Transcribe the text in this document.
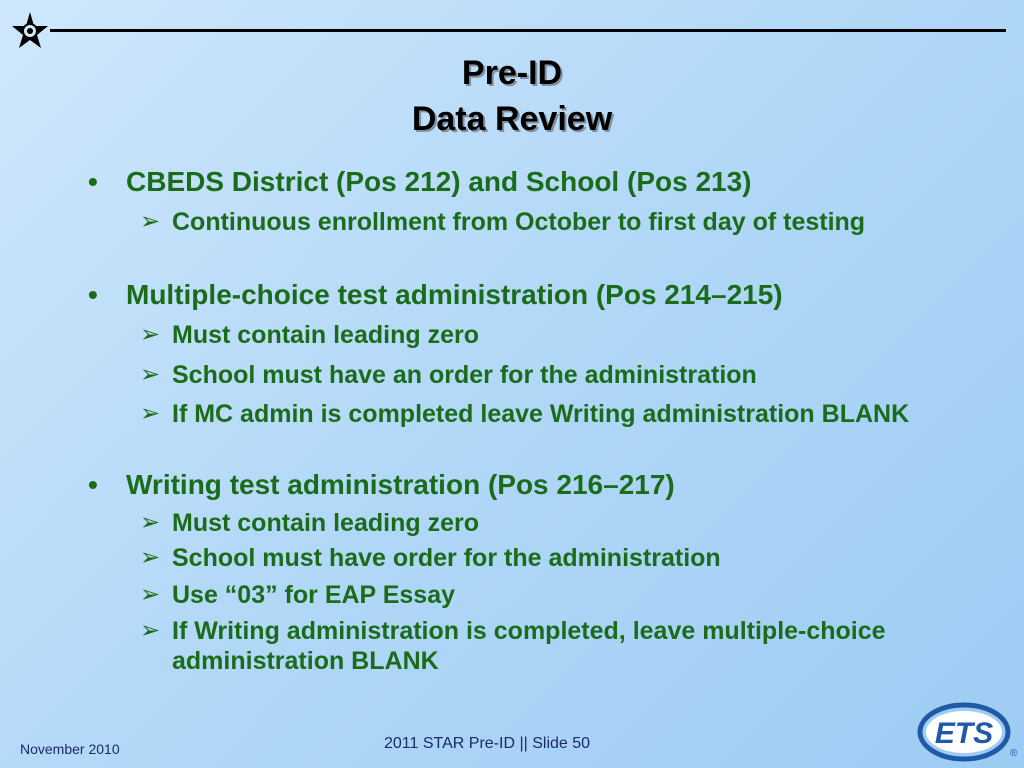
Pre-ID
Data Review
• CBEDS District (Pos 212) and School (Pos 213)
➢ Continuous enrollment from October to first day of testing
• Multiple-choice test administration (Pos 214–215)
➢ Must contain leading zero
➢ School must have an order for the administration
➢ If MC admin is completed leave Writing administration BLANK
• Writing test administration (Pos 216–217)
➢ Must contain leading zero
➢ School must have order for the administration
➢ Use “03” for EAP Essay
➢ If Writing administration is completed, leave multiple-choice administration BLANK
November 2010	2011 STAR Pre-ID || Slide 50	ETS
®
